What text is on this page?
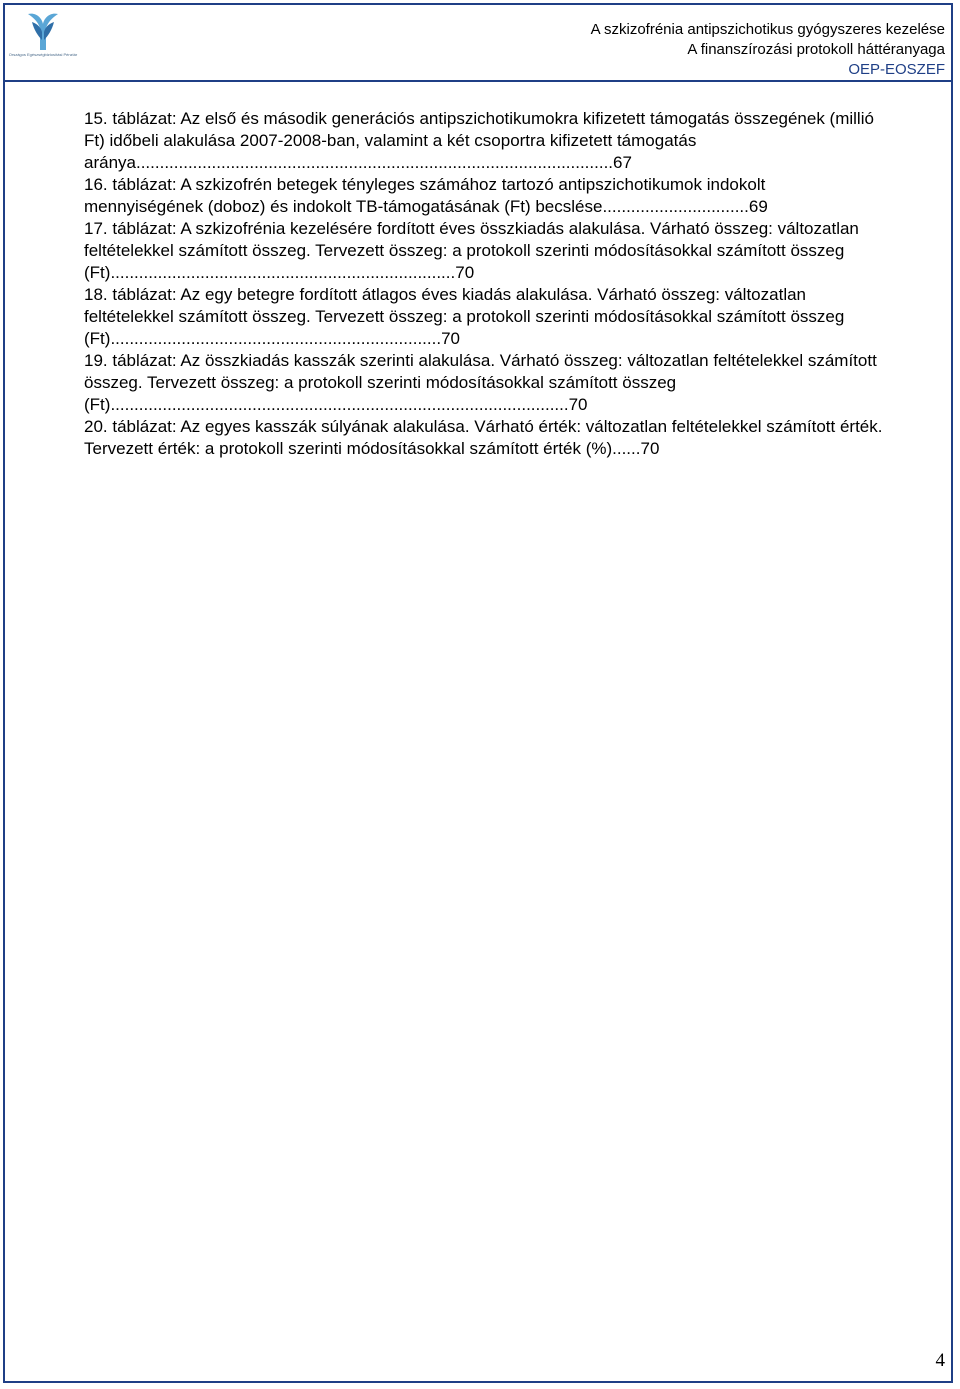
Országos Egészségbiztosítási Pénztár
A szkizofrénia antipszichotikus gyógyszeres kezelése
A finanszírozási protokoll háttéranyaga
OEP-EOSZEF
15. táblázat: Az első és második generációs antipszichotikumokra kifizetett támogatás összegének (millió Ft) időbeli alakulása 2007-2008-ban, valamint a két csoportra kifizetett támogatás aránya.....................................................................................................67
16. táblázat: A szkizofrén betegek tényleges számához tartozó antipszichotikumok indokolt mennyiségének (doboz) és indokolt TB-támogatásának (Ft) becslése...............................69
17. táblázat: A szkizofrénia kezelésére fordított éves összkiadás alakulása. Várható összeg: változatlan feltételekkel számított összeg. Tervezett összeg: a protokoll szerinti módosításokkal számított összeg (Ft).........................................................................70
18. táblázat: Az egy betegre fordított átlagos éves kiadás alakulása. Várható összeg: változatlan feltételekkel számított összeg. Tervezett összeg: a protokoll szerinti módosításokkal számított összeg (Ft)......................................................................70
19. táblázat: Az összkiadás kasszák szerinti alakulása. Várható összeg: változatlan feltételekkel számított összeg. Tervezett összeg: a protokoll szerinti módosításokkal számított összeg (Ft).................................................................................................70
20. táblázat: Az egyes kasszák súlyának alakulása. Várható érték: változatlan feltételekkel számított érték. Tervezett érték: a protokoll szerinti módosításokkal számított érték (%)......70
4
